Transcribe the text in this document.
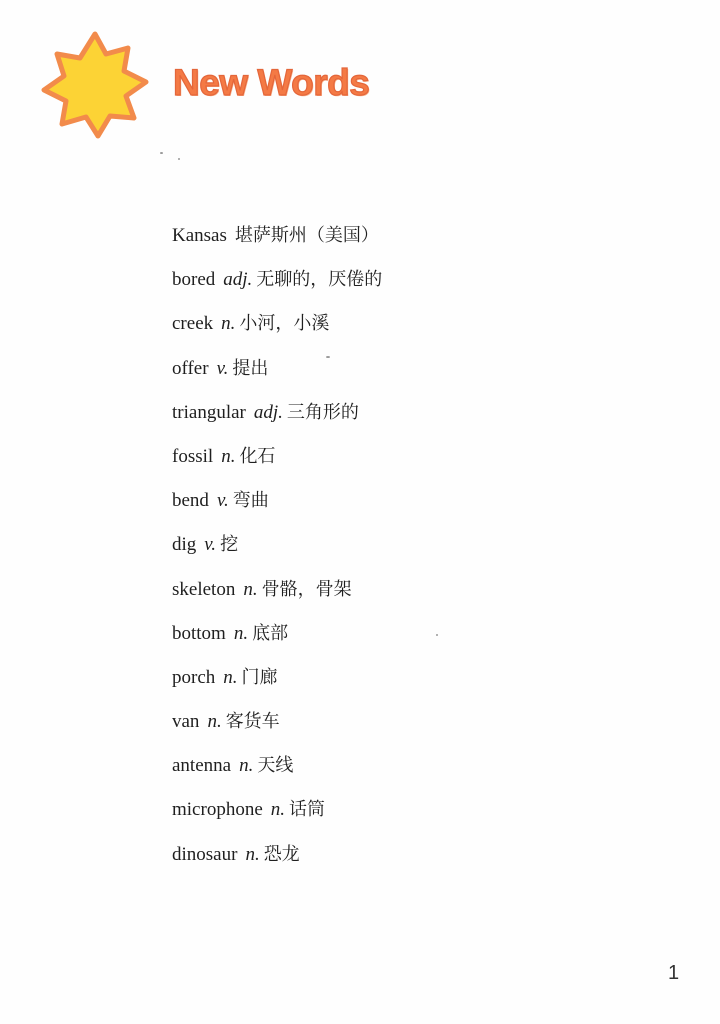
New Words
Kansas 堪萨斯州（美国）
bored adj. 无聊的，厌倦的
creek n. 小河，小溪
offer v. 提出
triangular adj. 三角形的
fossil n. 化石
bend v. 弯曲
dig v. 挖
skeleton n. 骨骼，骨架
bottom n. 底部
porch n. 门廊
van n. 客货车
antenna n. 天线
microphone n. 话筒
dinosaur n. 恐龙
1
